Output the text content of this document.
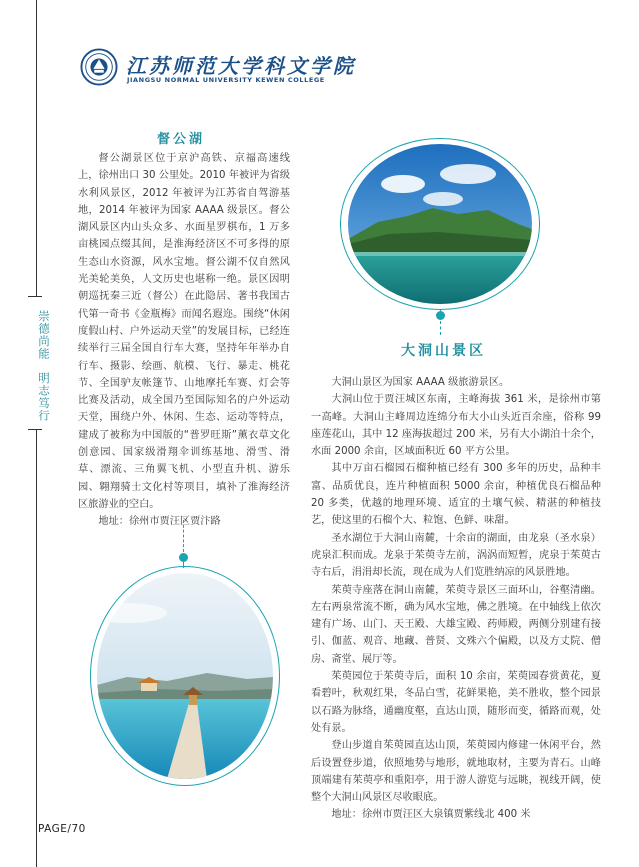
崇德尚能明志笃行
江苏师范大学科文学院
JIANGSU NORMAL UNIVERSITY KEWEN COLLEGE
督公湖

督公湖景区位于京沪高铁、京福高速线上，徐州出口 30 公里处。2010 年被评为省级水利风景区，2012 年被评为江苏省自驾游基地，2014 年被评为国家 AAAA 级景区。督公湖风景区内山头众多、水面星罗棋布，1 万多亩桃园点缀其间，是淮海经济区不可多得的原生态山水资源，风水宝地。督公湖不仅自然风光美轮美奂，人文历史也堪称一绝。景区因明朝巡抚秦三近（督公）在此隐居、著书我国古代第一奇书《金瓶梅》而闻名遐迩。围绕“休闲度假山村、户外运动天堂”的发展目标，已经连续举行三届全国自行车大赛，坚持年年举办自行车、摄影、绘画、航模、飞行、暴走、桃花节、全国驴友帐篷节、山地摩托车赛、灯会等比赛及活动，成全国乃至国际知名的户外运动天堂，围绕户外、休闲、生态、运动等特点，建成了被称为中国版的“普罗旺斯”薰衣草文化创意园、国家级滑翔伞训练基地、滑雪、滑草、漂流、三角翼飞机、小型直升机、游乐园、翱翔骑士文化村等项目，填补了淮海经济区旅游业的空白。

地址：徐州市贾汪区贾汴路

大洞山景区

大洞山景区为国家 AAAA 级旅游景区。

大洞山位于贾汪城区东南，主峰海拔 361 米，是徐州市第一高峰。大洞山主峰周边连绵分布大小山头近百余座，俗称 99 座莲花山，其中 12 座海拔超过 200 米，另有大小湖泊十余个，水面 2000 余亩，区域面积近 60 平方公里。

其中万亩石榴园石榴种植已经有 300 多年的历史，品种丰富、品质优良，连片种植面积 5000 余亩，种植优良石榴品种 20 多类，优越的地理环境、适宜的土壤气候、精湛的种植技艺，使这里的石榴个大、粒饱、色鲜、味甜。

圣水湖位于大洞山南麓，十余亩的湖面，由龙泉（圣水泉）虎泉汇积而成。龙泉于茱萸寺左前，涡涡而短暂，虎泉于茱萸古寺右后，涓涓却长流，现在成为人们览胜纳凉的风景胜地。

茱萸寺座落在洞山南麓，茱萸寺景区三面环山，谷壑清幽。左右两泉常流不断，确为风水宝地，佛之胜境。在中轴线上依次建有广场、山门、天王殿、大雄宝殿、药师殿，两侧分别建有接引、伽蓝、观音、地藏、普贤、文殊六个偏殿，以及方丈院、僧房、斋堂、展厅等。

茱萸园位于茱萸寺后，面积 10 余亩，茱萸园春赏黄花，夏看碧叶，秋观红果，冬品白雪，花鲜果艳，美不胜收，整个园景以石路为脉络，通幽度壑，直达山顶，随形而变，循路而观，处处有景。

登山步道自茱萸园直达山顶，茱萸园内修建一休闲平台，然后设置登步道，依照地势与地形，就地取材，主要为青石。山峰顶端建有茱萸亭和重阳亭，用于游人游览与远眺，视线开阔，使整个大洞山风景区尽收眼底。

地址：徐州市贾汪区大泉镇贾紫线北 400 米

PAGE/70
